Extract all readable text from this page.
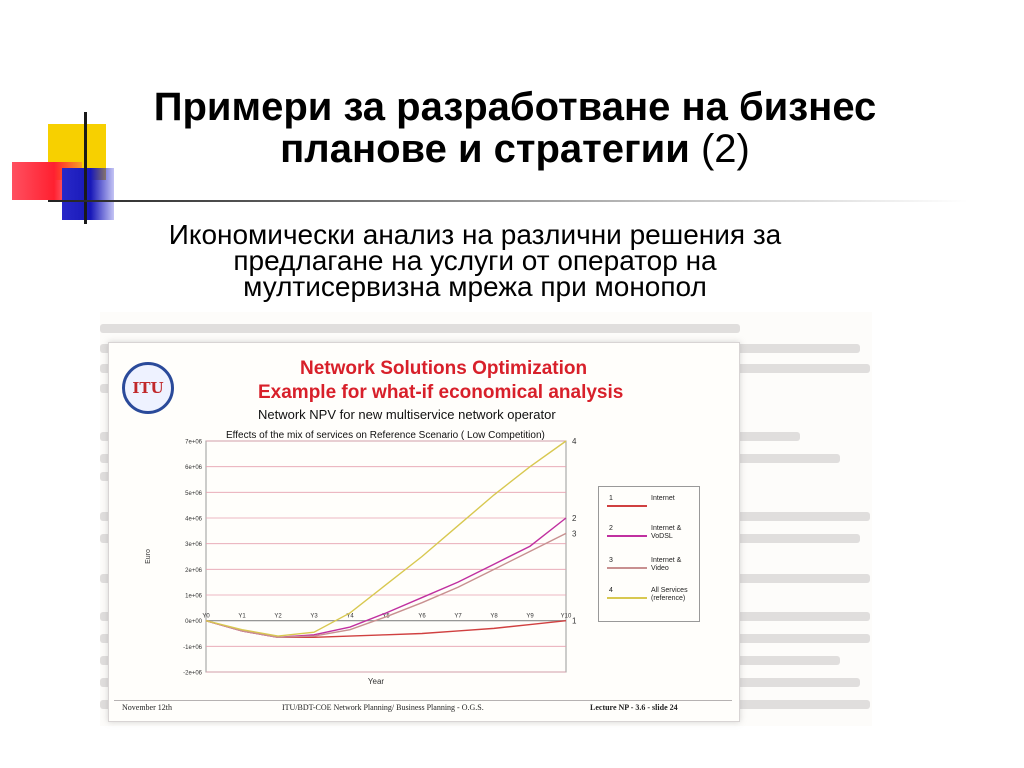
Примери за разработване на бизнес
планове и стратегии (2)
Икономически анализ на различни решения за
предлагане на услуги от оператор на
мултисервизна мрежа при монопол
ITU
Network Solutions Optimization
Example for what-if economical analysis
Network NPV for new multiservice network operator
Effects of the mix of services on Reference Scenario ( Low Competition)
-2e+06
-1e+06
0e+00
1e+06
2e+06
3e+06
4e+06
5e+06
6e+06
7e+06
Y0	Y1	Y2	Y3	Y4	Y5	Y6	Y7	Y8	Y9	Y10
Euro
Year
1
2
3
4
1	Internet
2	Internet & VoDSL
3	Internet & Video
4	All Services (reference)
November 12th	ITU/BDT-COE Network Planning/ Business Planning - O.G.S.	Lecture NP - 3.6 - slide 24
